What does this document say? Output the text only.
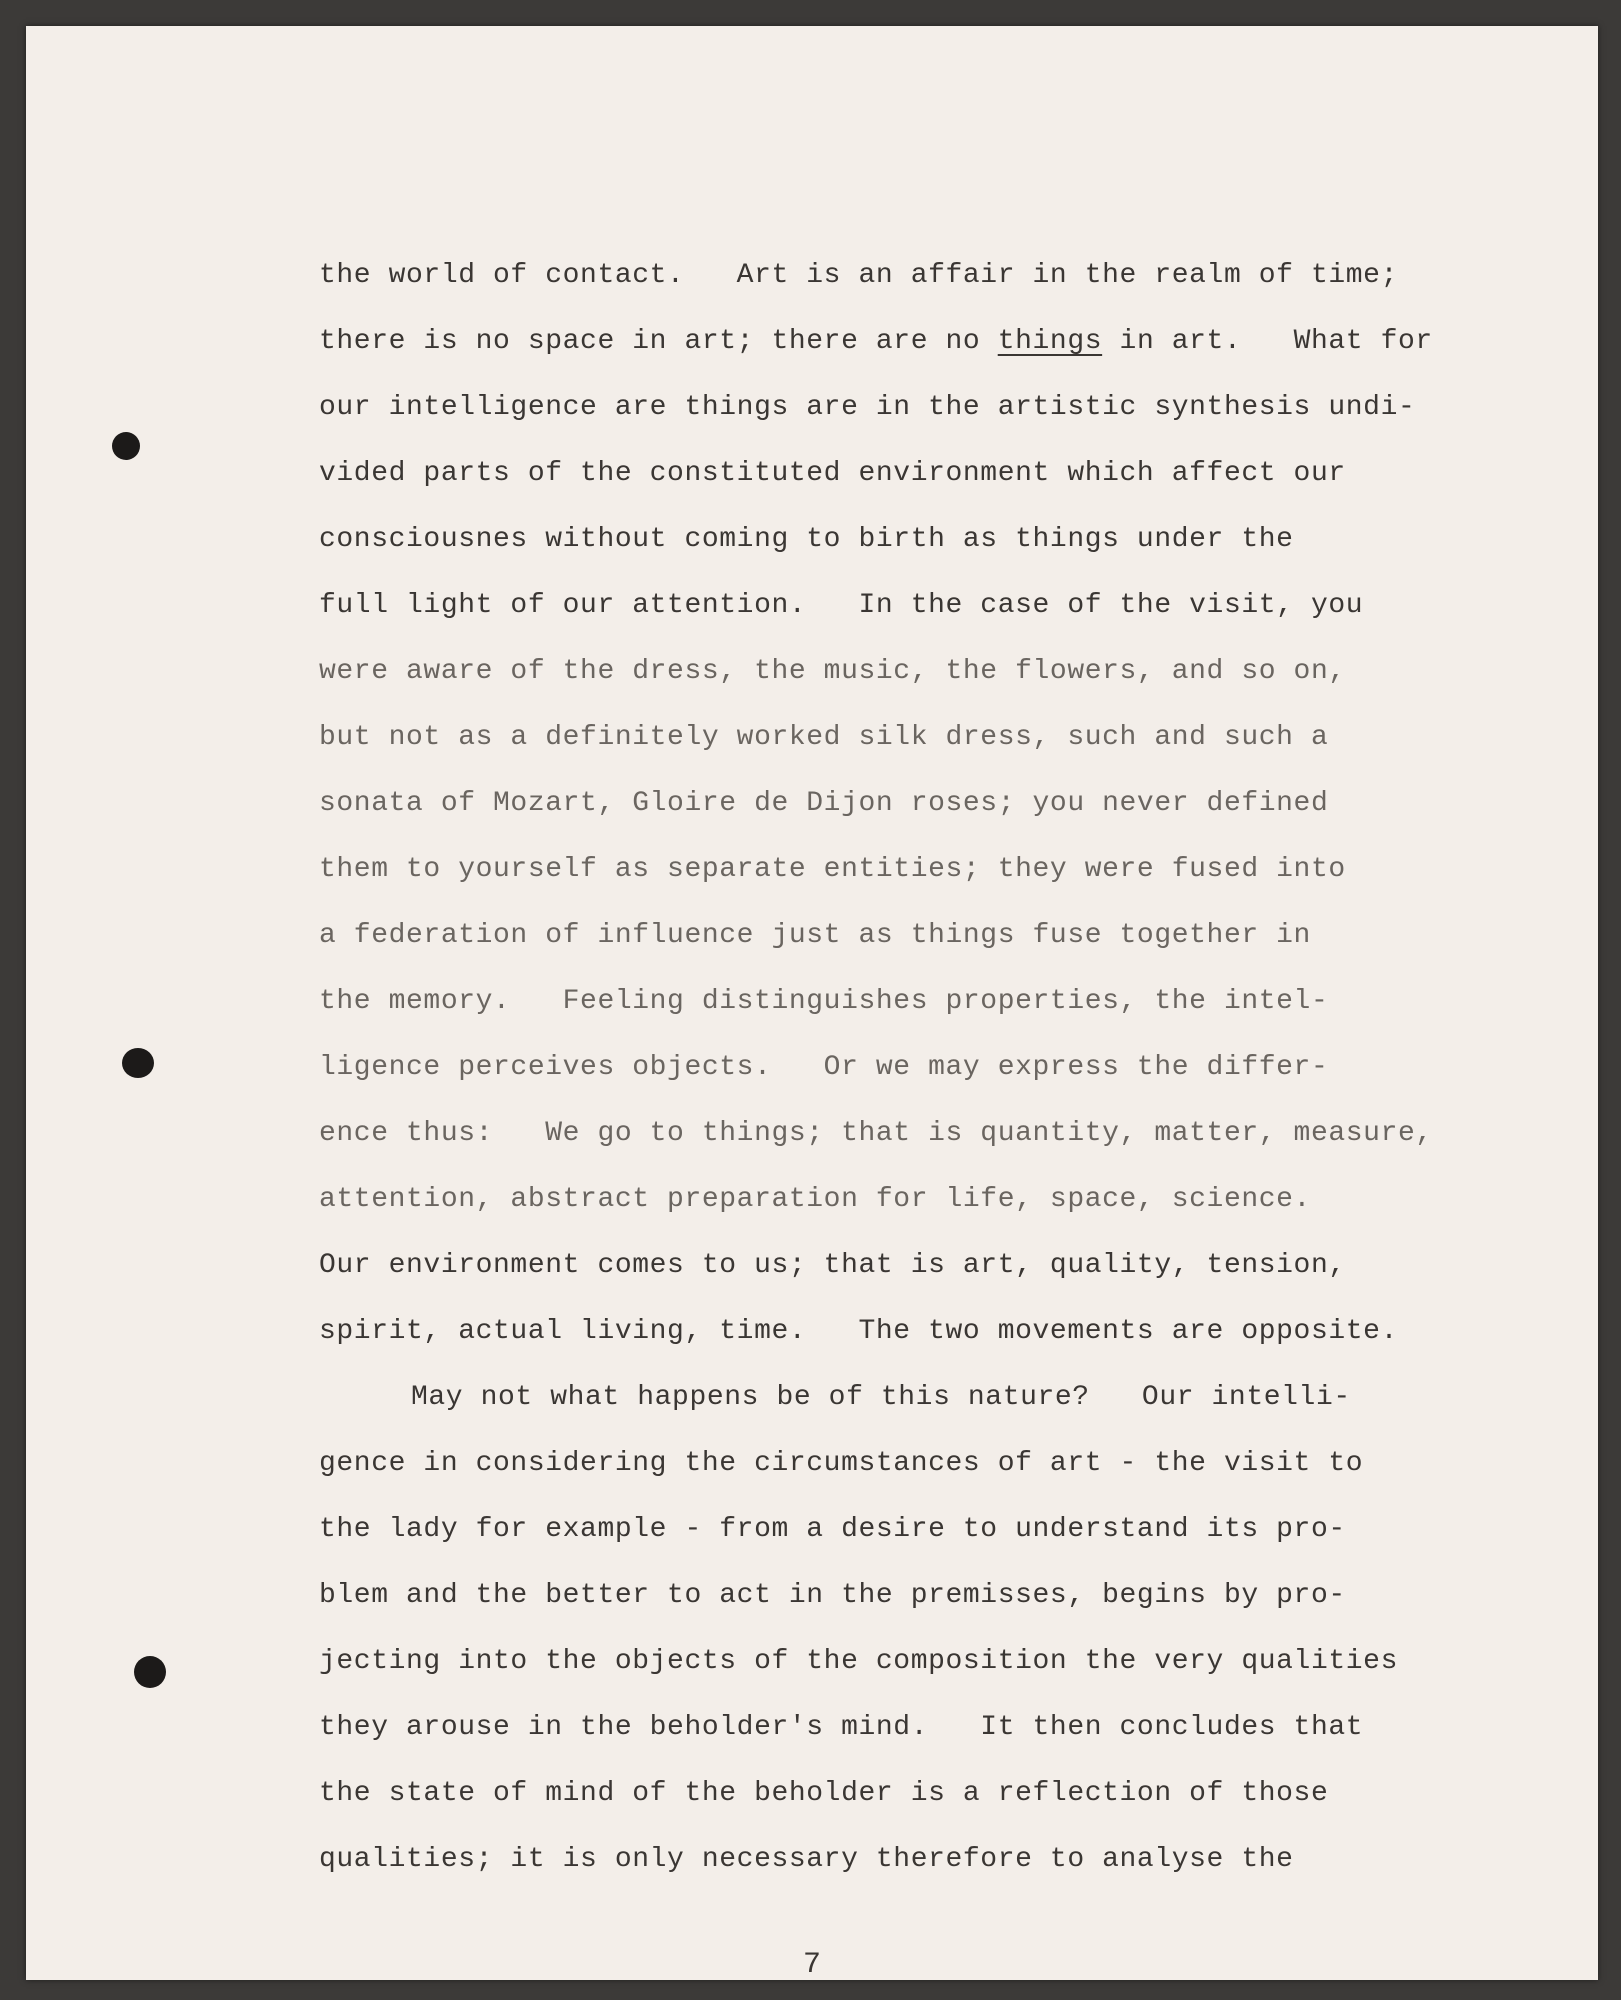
the world of contact.   Art is an affair in the realm of time;
there is no space in art; there are no things in art.   What for
our intelligence are things are in the artistic synthesis undi-
vided parts of the constituted environment which affect our
consciousnes without coming to birth as things under the
full light of our attention.   In the case of the visit, you
were aware of the dress, the music, the flowers, and so on,
but not as a definitely worked silk dress, such and such a
sonata of Mozart, Gloire de Dijon roses; you never defined
them to yourself as separate entities; they were fused into
a federation of influence just as things fuse together in
the memory.   Feeling distinguishes properties, the intel-
ligence perceives objects.   Or we may express the differ-
ence thus:   We go to things; that is quantity, matter, measure,
attention, abstract preparation for life, space, science.
Our environment comes to us; that is art, quality, tension,
spirit, actual living, time.   The two movements are opposite.
May not what happens be of this nature?   Our intelli-
gence in considering the circumstances of art - the visit to
the lady for example - from a desire to understand its pro-
blem and the better to act in the premisses, begins by pro-
jecting into the objects of the composition the very qualities
they arouse in the beholder's mind.   It then concludes that
the state of mind of the beholder is a reflection of those
qualities; it is only necessary therefore to analyse the
7
